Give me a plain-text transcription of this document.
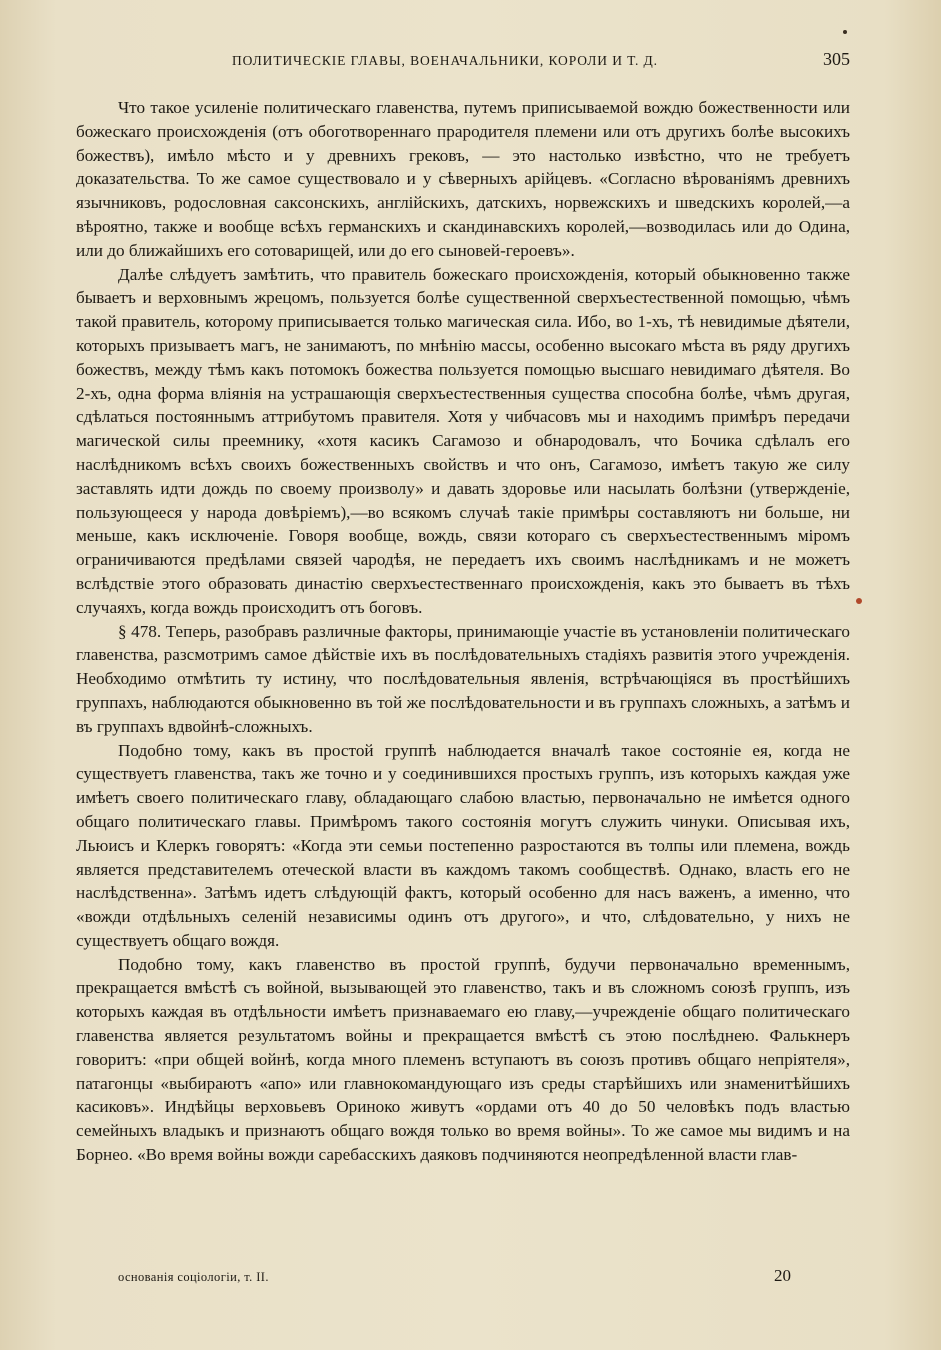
ПОЛИТИЧЕСКІЕ ГЛАВЫ, ВОЕНАЧАЛЬНИКИ, КОРОЛИ И Т. Д.	305

Что такое усиленіе политическаго главенства, путемъ приписываемой вождю божественности или божескаго происхожденія (отъ обоготвореннаго прародителя племени или отъ другихъ болѣе высокихъ божествъ), имѣло мѣсто и у древнихъ грековъ, — это настолько извѣстно, что не требуетъ доказательства. То же самое существовало и у сѣверныхъ арійцевъ. «Согласно вѣрованіямъ древнихъ язычниковъ, родословная саксонскихъ, англійскихъ, датскихъ, норвежскихъ и шведскихъ королей,—а вѣроятно, также и вообще всѣхъ германскихъ и скандинавскихъ королей,—возводилась или до Одина, или до ближайшихъ его сотоварищей, или до его сыновей-героевъ».

Далѣе слѣдуетъ замѣтить, что правитель божескаго происхожденія, который обыкновенно также бываетъ и верховнымъ жрецомъ, пользуется болѣе существенной сверхъестественной помощью, чѣмъ такой правитель, которому приписывается только магическая сила. Ибо, во 1-хъ, тѣ невидимые дѣятели, которыхъ призываетъ магъ, не занимаютъ, по мнѣнію массы, особенно высокаго мѣста въ ряду другихъ божествъ, между тѣмъ какъ потомокъ божества пользуется помощью высшаго невидимаго дѣятеля. Во 2-хъ, одна форма вліянія на устрашающія сверхъестественныя существа способна болѣе, чѣмъ другая, сдѣлаться постояннымъ аттрибутомъ правителя. Хотя у чибчасовъ мы и находимъ примѣръ передачи магической силы преемнику, «хотя касикъ Сагамозо и обнародовалъ, что Бочика сдѣлалъ его наслѣдникомъ всѣхъ своихъ божественныхъ свойствъ и что онъ, Сагамозо, имѣетъ такую же силу заставлять идти дождь по своему произволу» и давать здоровье или насылать болѣзни (утвержденіе, пользующееся у народа довѣріемъ),—во всякомъ случаѣ такіе примѣры составляютъ ни больше, ни меньше, какъ исключеніе. Говоря вообще, вождь, связи котораго съ сверхъестественнымъ міромъ ограничиваются предѣлами связей чародѣя, не передаетъ ихъ своимъ наслѣдникамъ и не можетъ вслѣдствіе этого образовать династію сверхъестественнаго происхожденія, какъ это бываетъ въ тѣхъ случаяхъ, когда вождь происходитъ отъ боговъ.

§ 478. Теперь, разобравъ различные факторы, принимающіе участіе въ установленіи политическаго главенства, разсмотримъ самое дѣйствіе ихъ въ послѣдовательныхъ стадіяхъ развитія этого учрежденія. Необходимо отмѣтить ту истину, что послѣдовательныя явленія, встрѣчающіяся въ простѣйшихъ группахъ, наблюдаются обыкновенно въ той же послѣдовательности и въ группахъ сложныхъ, а затѣмъ и въ группахъ вдвойнѣ-сложныхъ.

Подобно тому, какъ въ простой группѣ наблюдается вначалѣ такое состояніе ея, когда не существуетъ главенства, такъ же точно и у соединившихся простыхъ группъ, изъ которыхъ каждая уже имѣетъ своего политическаго главу, обладающаго слабою властью, первоначально не имѣется одного общаго политическаго главы. Примѣромъ такого состоянія могутъ служить чинуки. Описывая ихъ, Льюисъ и Клеркъ говорятъ: «Когда эти семьи постепенно разростаются въ толпы или племена, вождь является представителемъ отеческой власти въ каждомъ такомъ сообществѣ. Однако, власть его не наслѣдственна». Затѣмъ идетъ слѣдующій фактъ, который особенно для насъ важенъ, а именно, что «вожди отдѣльныхъ селеній независимы одинъ отъ другого», и что, слѣдовательно, у нихъ не существуетъ общаго вождя.

Подобно тому, какъ главенство въ простой группѣ, будучи первоначально временнымъ, прекращается вмѣстѣ съ войной, вызывающей это главенство, такъ и въ сложномъ союзѣ группъ, изъ которыхъ каждая въ отдѣльности имѣетъ признаваемаго ею главу,—учрежденіе общаго политическаго главенства является результатомъ войны и прекращается вмѣстѣ съ этою послѣднею. Фалькнеръ говоритъ: «при общей войнѣ, когда много племенъ вступаютъ въ союзъ противъ общаго непріятеля», патагонцы «выбираютъ «апо» или главнокомандующаго изъ среды старѣйшихъ или знаменитѣйшихъ касиковъ». Индѣйцы верховьевъ Ориноко живутъ «ордами отъ 40 до 50 человѣкъ подъ властью семейныхъ владыкъ и признаютъ общаго вождя только во время войны». То же самое мы видимъ и на Борнео. «Во время войны вожди саребасскихъ даяковъ подчиняются неопредѣленной власти глав-

основанія соціологіи, т. II.	20
